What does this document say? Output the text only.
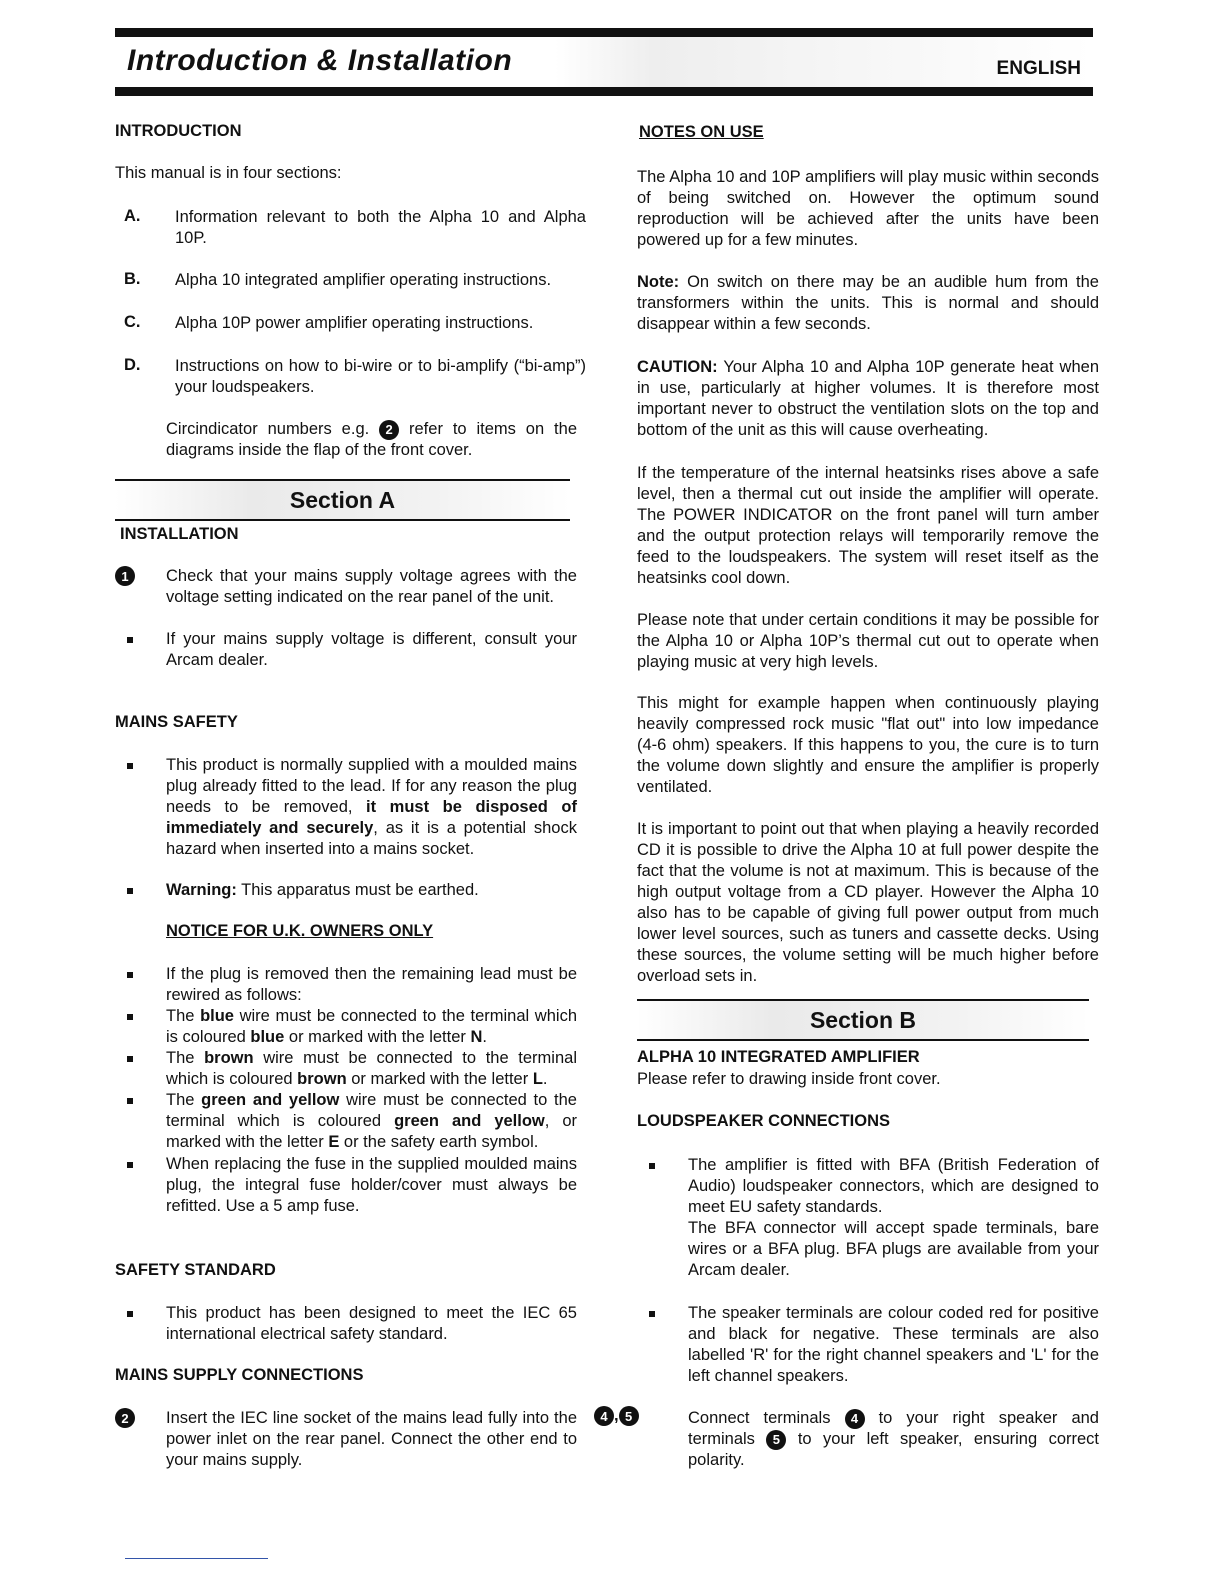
Introduction & Installation	ENGLISH
INTRODUCTION
This manual is in four sections:
A.	Information relevant to both the Alpha 10 and Alpha 10P.
B.	Alpha 10 integrated amplifier operating instructions.
C.	Alpha 10P power amplifier operating instructions.
D.	Instructions on how to bi-wire or to bi-amplify (“bi-amp”) your loudspeakers.
Circindicator numbers e.g. 2 refer to items on the diagrams inside the flap of the front cover.
Section A
INSTALLATION
1	Check that your mains supply voltage agrees with the voltage setting indicated on the rear panel of the unit.
If your mains supply voltage is different, consult your Arcam dealer.
MAINS SAFETY
This product is normally supplied with a moulded mains plug already fitted to the lead. If for any reason the plug needs to be removed, it must be disposed of immediately and securely, as it is a potential shock hazard when inserted into a mains socket.
Warning: This apparatus must be earthed.
NOTICE FOR U.K. OWNERS ONLY
If the plug is removed then the remaining lead must be rewired as follows:
The blue wire must be connected to the terminal which is coloured blue or marked with the letter N.
The brown wire must be connected to the terminal which is coloured brown or marked with the letter L.
The green and yellow wire must be connected to the terminal which is coloured green and yellow, or marked with the letter E or the safety earth symbol.
When replacing the fuse in the supplied moulded mains plug, the integral fuse holder/cover must always be refitted. Use a 5 amp fuse.
SAFETY STANDARD
This product has been designed to meet the IEC 65 international electrical safety standard.
MAINS SUPPLY CONNECTIONS
2	Insert the IEC line socket of the mains lead fully into the power inlet on the rear panel. Connect the other end to your mains supply.
NOTES ON USE
The Alpha 10 and 10P amplifiers will play music within seconds of being switched on. However the optimum sound reproduction will be achieved after the units have been powered up for a few minutes.
Note: On switch on there may be an audible hum from the transformers within the units. This is normal and should disappear within a few seconds.
CAUTION: Your Alpha 10 and Alpha 10P generate heat when in use, particularly at higher volumes. It is therefore most important never to obstruct the ventilation slots on the top and bottom of the unit as this will cause overheating.
If the temperature of the internal heatsinks rises above a safe level, then a thermal cut out inside the amplifier will operate. The POWER INDICATOR on the front panel will turn amber and the output protection relays will temporarily remove the feed to the loudspeakers. The system will reset itself as the heatsinks cool down.
Please note that under certain conditions it may be possible for the Alpha 10 or Alpha 10P’s thermal cut out to operate when playing music at very high levels.
This might for example happen when continuously playing heavily compressed rock music "flat out" into low impedance (4-6 ohm) speakers. If this happens to you, the cure is to turn the volume down slightly and ensure the amplifier is properly ventilated.
It is important to point out that when playing a heavily recorded CD it is possible to drive the Alpha 10 at full power despite the fact that the volume is not at maximum. This is because of the high output voltage from a CD player. However the Alpha 10 also has to be capable of giving full power output from much lower level sources, such as tuners and cassette decks. Using these sources, the volume setting will be much higher before overload sets in.
Section B
ALPHA 10 INTEGRATED AMPLIFIER
Please refer to drawing inside front cover.
LOUDSPEAKER CONNECTIONS
The amplifier is fitted with BFA (British Federation of Audio) loudspeaker connectors, which are designed to meet EU safety standards.
The BFA connector will accept spade terminals, bare wires or a BFA plug. BFA plugs are available from your Arcam dealer.
The speaker terminals are colour coded red for positive and black for negative. These terminals are also labelled 'R' for the right channel speakers and 'L' for the left channel speakers.
4 , 5	Connect terminals 4 to your right speaker and terminals 5 to your left speaker, ensuring correct polarity.
